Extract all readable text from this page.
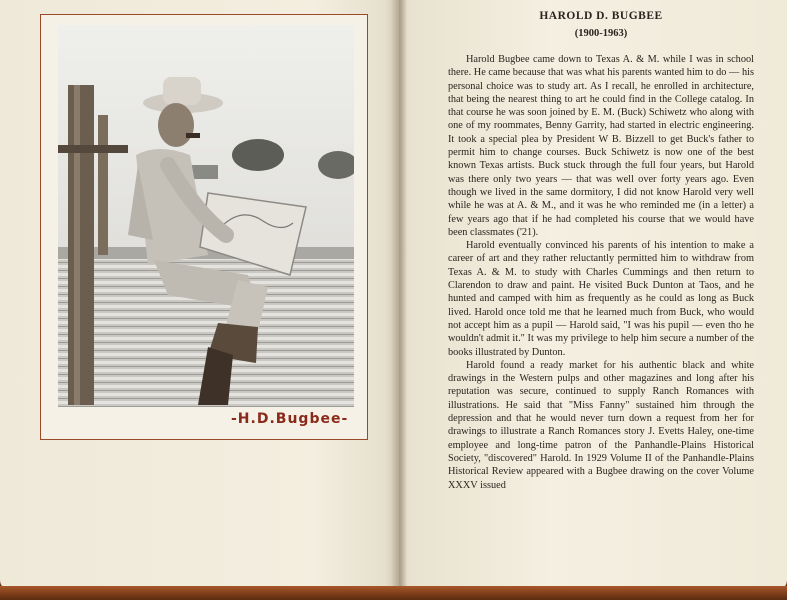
-H.D.Bugbee-

HAROLD D. BUGBEE

(1900-1963)

Harold Bugbee came down to Texas A. & M. while I was in school there. He came because that was what his parents wanted him to do — his personal choice was to study art. As I recall, he enrolled in architecture, that being the nearest thing to art he could find in the College catalog. In that course he was soon joined by E. M. (Buck) Schiwetz who along with one of my roommates, Benny Garrity, had started in electric engineering. It took a special plea by President W B. Bizzell to get Buck's father to permit him to change courses. Buck Schiwetz is now one of the best known Texas artists. Buck stuck through the full four years, but Harold was there only two years — that was well over forty years ago. Even though we lived in the same dormitory, I did not know Harold very well while he was at A. & M., and it was he who reminded me (in a letter) a few years ago that if he had completed his course that we would have been classmates ('21).

Harold eventually convinced his parents of his intention to make a career of art and they rather reluctantly permitted him to withdraw from Texas A. & M. to study with Charles Cummings and then return to Clarendon to draw and paint. He visited Buck Dunton at Taos, and he hunted and camped with him as frequently as he could as long as Buck lived. Harold once told me that he learned much from Buck, who would not accept him as a pupil — Harold said, "I was his pupil — even tho he wouldn't admit it." It was my privilege to help him secure a number of the books illustrated by Dunton.

Harold found a ready market for his authentic black and white drawings in the Western pulps and other magazines and long after his reputation was secure, continued to supply Ranch Romances with illustrations. He said that "Miss Fanny" sustained him through the depression and that he would never turn down a request from her for drawings to illustrate a Ranch Romances story J. Evetts Haley, one-time employee and long-time patron of the Panhandle-Plains Historical Society, "discovered" Harold. In 1929 Volume II of the Panhandle-Plains Historical Review appeared with a Bugbee drawing on the cover Volume XXXV issued
